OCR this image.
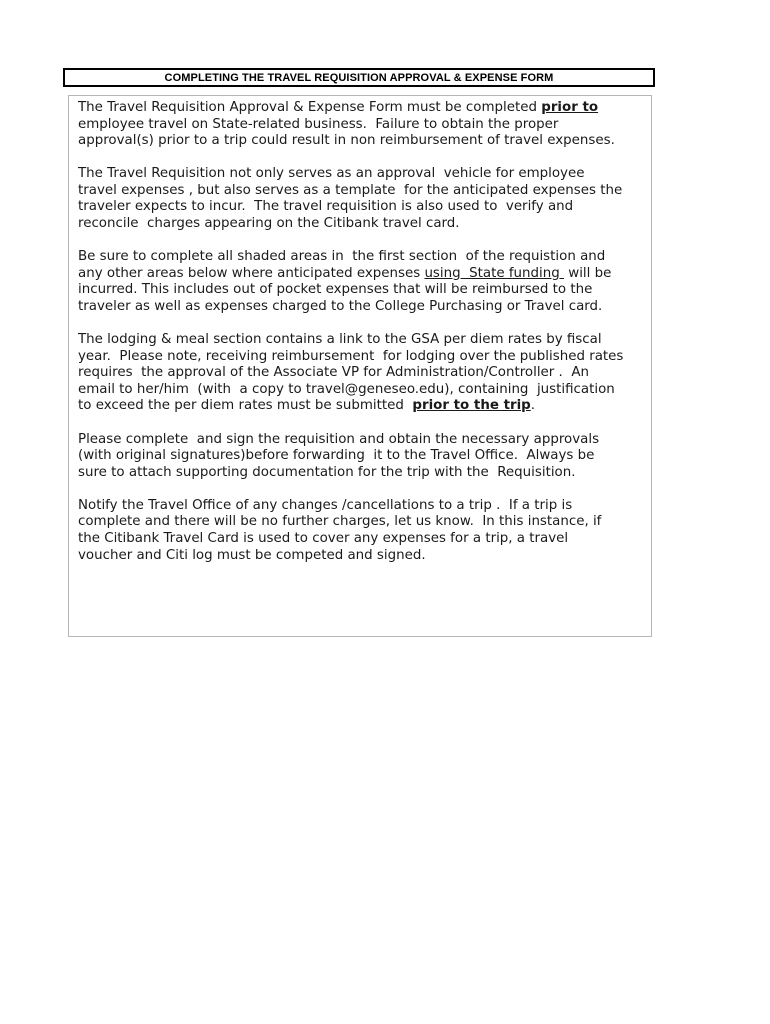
COMPLETING THE TRAVEL REQUISITION APPROVAL & EXPENSE FORM

The Travel Requisition Approval & Expense Form must be completed prior to
employee travel on State-related business.  Failure to obtain the proper
approval(s) prior to a trip could result in non reimbursement of travel expenses.

The Travel Requisition not only serves as an approval  vehicle for employee
travel expenses , but also serves as a template  for the anticipated expenses the
traveler expects to incur.  The travel requisition is also used to  verify and
reconcile  charges appearing on the Citibank travel card.

Be sure to complete all shaded areas in  the first section  of the requistion and
any other areas below where anticipated expenses using  State funding  will be
incurred. This includes out of pocket expenses that will be reimbursed to the
traveler as well as expenses charged to the College Purchasing or Travel card.

The lodging & meal section contains a link to the GSA per diem rates by fiscal
year.  Please note, receiving reimbursement  for lodging over the published rates
requires  the approval of the Associate VP for Administration/Controller .  An
email to her/him  (with  a copy to travel@geneseo.edu), containing  justification
to exceed the per diem rates must be submitted  prior to the trip.

Please complete  and sign the requisition and obtain the necessary approvals
(with original signatures)before forwarding  it to the Travel Office.  Always be
sure to attach supporting documentation for the trip with the  Requisition.

Notify the Travel Office of any changes /cancellations to a trip .  If a trip is
complete and there will be no further charges, let us know.  In this instance, if
the Citibank Travel Card is used to cover any expenses for a trip, a travel
voucher and Citi log must be competed and signed.
